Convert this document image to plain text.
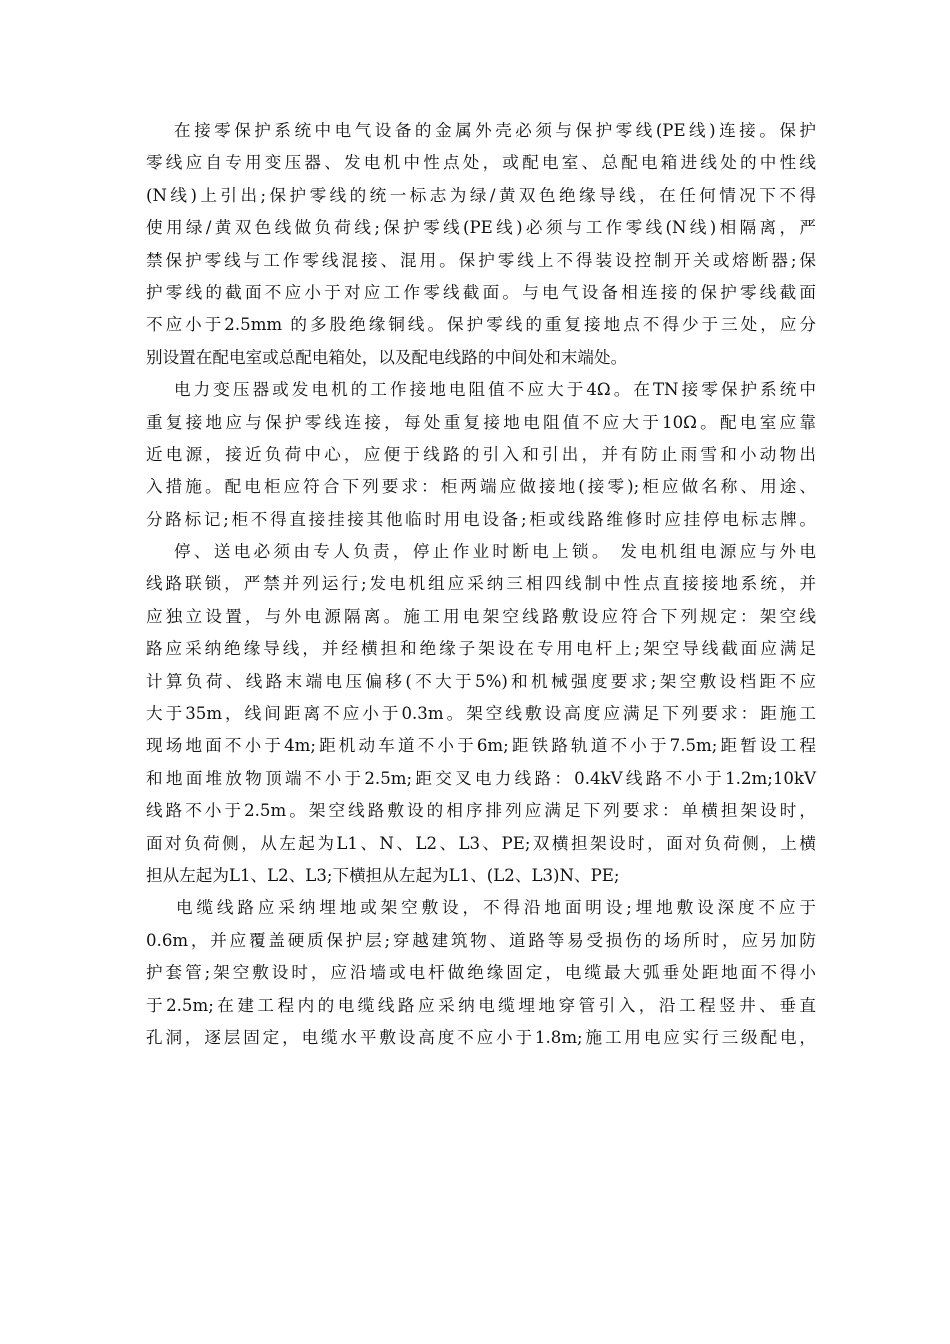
在接零保护系统中电气设备的金属外壳必须与保护零线(PE线)连接。保护
零线应自专用变压器、发电机中性点处，或配电室、总配电箱进线处的中性线
(N线)上引出;保护零线的统一标志为绿/黄双色绝缘导线，在任何情况下不得
使用绿/黄双色线做负荷线;保护零线(PE线)必须与工作零线(N线)相隔离，严
禁保护零线与工作零线混接、混用。保护零线上不得装设控制开关或熔断器;保
护零线的截面不应小于对应工作零线截面。与电气设备相连接的保护零线截面
不应小于2.5mm 的多股绝缘铜线。保护零线的重复接地点不得少于三处，应分
别设置在配电室或总配电箱处，以及配电线路的中间处和末端处。
电力变压器或发电机的工作接地电阻值不应大于4Ω。在TN接零保护系统中
重复接地应与保护零线连接，每处重复接地电阻值不应大于10Ω。配电室应靠
近电源，接近负荷中心，应便于线路的引入和引出，并有防止雨雪和小动物出
入措施。配电柜应符合下列要求：柜两端应做接地(接零);柜应做名称、用途、
分路标记;柜不得直接挂接其他临时用电设备;柜或线路维修时应挂停电标志牌。
停、送电必须由专人负责，停止作业时断电上锁。 发电机组电源应与外电
线路联锁，严禁并列运行;发电机组应采纳三相四线制中性点直接接地系统，并
应独立设置，与外电源隔离。施工用电架空线路敷设应符合下列规定：架空线
路应采纳绝缘导线，并经横担和绝缘子架设在专用电杆上;架空导线截面应满足
计算负荷、线路末端电压偏移(不大于5%)和机械强度要求;架空敷设档距不应
大于35m，线间距离不应小于0.3m。架空线敷设高度应满足下列要求：距施工
现场地面不小于4m;距机动车道不小于6m;距铁路轨道不小于7.5m;距暂设工程
和地面堆放物顶端不小于2.5m;距交叉电力线路：0.4kV线路不小于1.2m;10kV
线路不小于2.5m。架空线路敷设的相序排列应满足下列要求：单横担架设时，
面对负荷侧，从左起为L1、N、L2、L3、PE;双横担架设时，面对负荷侧，上横
担从左起为L1、L2、L3;下横担从左起为L1、(L2、L3)N、PE;
电缆线路应采纳埋地或架空敷设，不得沿地面明设;埋地敷设深度不应于
0.6m，并应覆盖硬质保护层;穿越建筑物、道路等易受损伤的场所时，应另加防
护套管;架空敷设时，应沿墙或电杆做绝缘固定，电缆最大弧垂处距地面不得小
于2.5m;在建工程内的电缆线路应采纳电缆埋地穿管引入，沿工程竖井、垂直
孔洞，逐层固定，电缆水平敷设高度不应小于1.8m;施工用电应实行三级配电，
